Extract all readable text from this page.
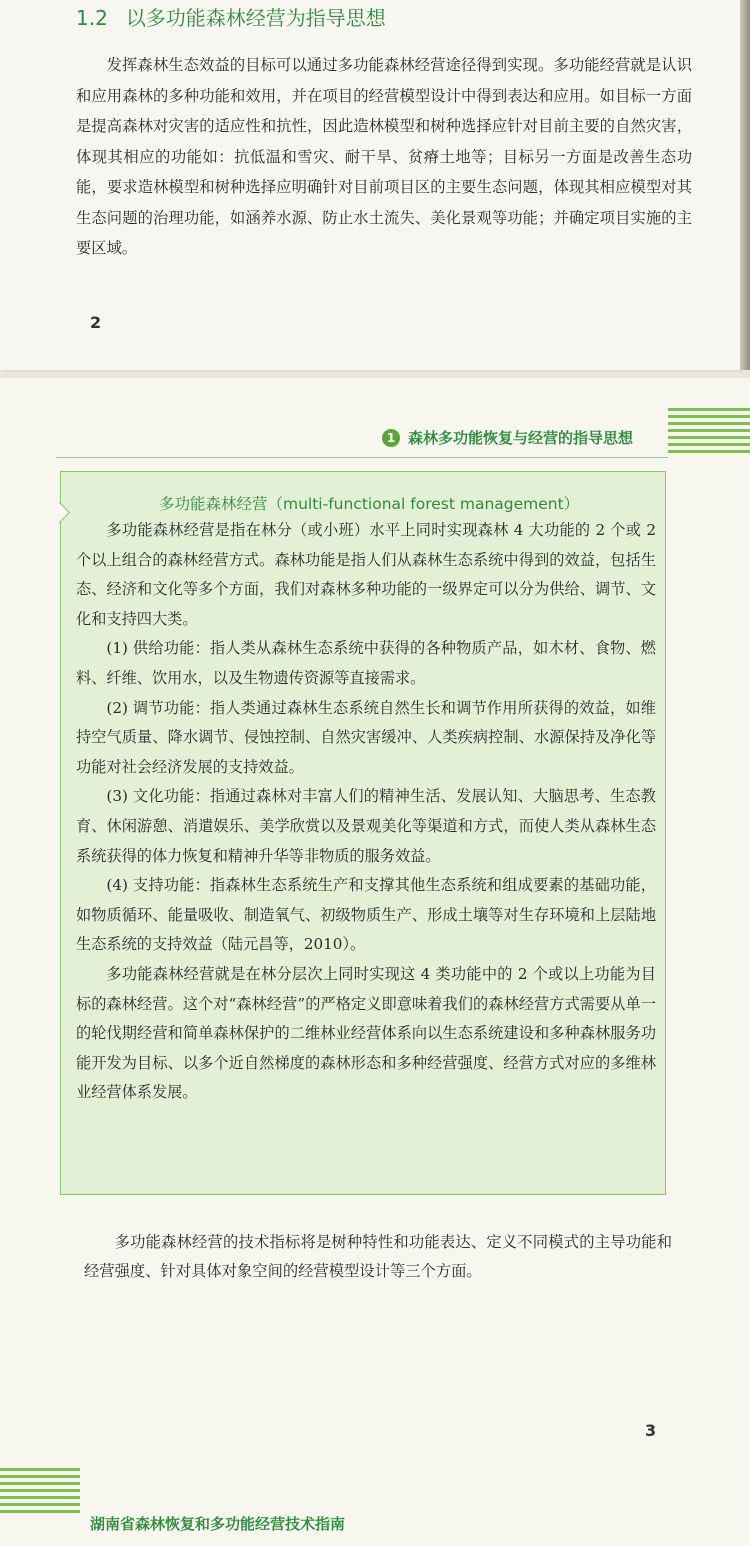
1.2 以多功能森林经营为指导思想

发挥森林生态效益的目标可以通过多功能森林经营途径得到实现。多功能经营就是认识和应用森林的多种功能和效用，并在项目的经营模型设计中得到表达和应用。如目标一方面是提高森林对灾害的适应性和抗性，因此造林模型和树种选择应针对目前主要的自然灾害，体现其相应的功能如：抗低温和雪灾、耐干旱、贫瘠土地等；目标另一方面是改善生态功能，要求造林模型和树种选择应明确针对目前项目区的主要生态问题，体现其相应模型对其生态问题的治理功能，如涵养水源、防止水土流失、美化景观等功能；并确定项目实施的主要区域。

2
1 森林多功能恢复与经营的指导思想
多功能森林经营（multi-functional forest management）

多功能森林经营是指在林分（或小班）水平上同时实现森林 4 大功能的 2 个或 2 个以上组合的森林经营方式。森林功能是指人们从森林生态系统中得到的效益，包括生态、经济和文化等多个方面，我们对森林多种功能的一级界定可以分为供给、调节、文化和支持四大类。

(1) 供给功能：指人类从森林生态系统中获得的各种物质产品，如木材、食物、燃料、纤维、饮用水，以及生物遗传资源等直接需求。

(2) 调节功能：指人类通过森林生态系统自然生长和调节作用所获得的效益，如维持空气质量、降水调节、侵蚀控制、自然灾害缓冲、人类疾病控制、水源保持及净化等功能对社会经济发展的支持效益。

(3) 文化功能：指通过森林对丰富人们的精神生活、发展认知、大脑思考、生态教育、休闲游憩、消遣娱乐、美学欣赏以及景观美化等渠道和方式，而使人类从森林生态系统获得的体力恢复和精神升华等非物质的服务效益。

(4) 支持功能：指森林生态系统生产和支撑其他生态系统和组成要素的基础功能，如物质循环、能量吸收、制造氧气、初级物质生产、形成土壤等对生存环境和上层陆地生态系统的支持效益（陆元昌等，2010）。

多功能森林经营就是在林分层次上同时实现这 4 类功能中的 2 个或以上功能为目标的森林经营。这个对“森林经营”的严格定义即意味着我们的森林经营方式需要从单一的轮伐期经营和简单森林保护的二维林业经营体系向以生态系统建设和多种森林服务功能开发为目标、以多个近自然梯度的森林形态和多种经营强度、经营方式对应的多维林业经营体系发展。

多功能森林经营的技术指标将是树种特性和功能表达、定义不同模式的主导功能和经营强度、针对具体对象空间的经营模型设计等三个方面。

3
湖南省森林恢复和多功能经营技术指南
